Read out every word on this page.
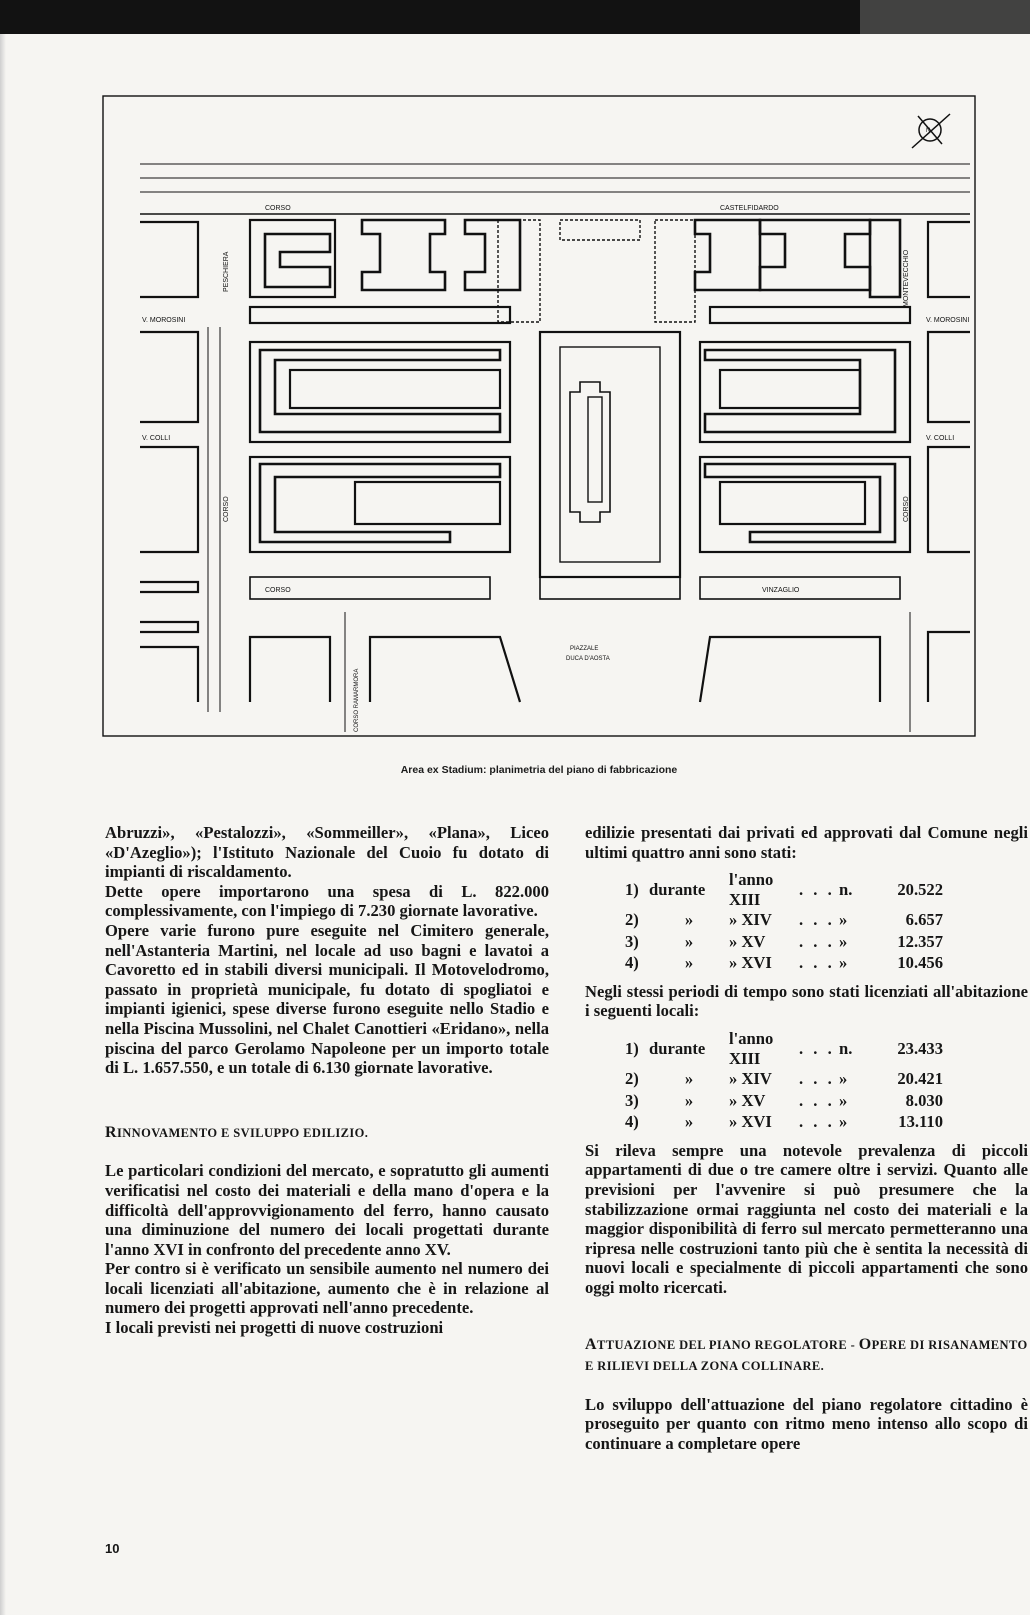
CORSO	CASTELFIDARDO
PESCHIERA	MONTEVECCHIO
V. MOROSINI	V. MOROSINI
V. COLLI	V. COLLI
CORSO	CORSO
CORSO	VINZAGLIO
CORSO RAMARMORA
PIAZZALE
DUCA D'AOSTA
N
Area ex Stadium: planimetria del piano di fabbricazione

Abruzzi», «Pestalozzi», «Sommeiller», «Plana», Liceo «D'Azeglio»); l'Istituto Nazionale del Cuoio fu dotato di impianti di riscaldamento.

Dette opere importarono una spesa di L. 822.000 complessivamente, con l'impiego di 7.230 giornate lavorative.

Opere varie furono pure eseguite nel Cimitero generale, nell'Astanteria Martini, nel locale ad uso bagni e lavatoi a Cavoretto ed in stabili diversi municipali. Il Motovelodromo, passato in proprietà municipale, fu dotato di spogliatoi e impianti igienici, spese diverse furono eseguite nello Stadio e nella Piscina Mussolini, nel Chalet Canottieri «Eridano», nella piscina del parco Gerolamo Napoleone per un importo totale di L. 1.657.550, e un totale di 6.130 giornate lavorative.

RINNOVAMENTO E SVILUPPO EDILIZIO.

Le particolari condizioni del mercato, e sopratutto gli aumenti verificatisi nel costo dei materiali e della mano d'opera e la difficoltà dell'approvvigionamento del ferro, hanno causato una diminuzione del numero dei locali progettati durante l'anno XVI in confronto del precedente anno XV.

Per contro si è verificato un sensibile aumento nel numero dei locali licenziati all'abitazione, aumento che è in relazione al numero dei progetti approvati nell'anno precedente.

I locali previsti nei progetti di nuove costruzioni

edilizie presentati dai privati ed approvati dal Comune negli ultimi quattro anni sono stati:

1)	durante	l'anno XIII	. . .	n.	20.522
2)	»	» XIV	. . .	»	6.657
3)	»	» XV	. . .	»	12.357
4)	»	» XVI	. . .	»	10.456

Negli stessi periodi di tempo sono stati licenziati all'abitazione i seguenti locali:

1)	durante	l'anno XIII	. . .	n.	23.433
2)	»	» XIV	. . .	»	20.421
3)	»	» XV	. . .	»	8.030
4)	»	» XVI	. . .	»	13.110

Si rileva sempre una notevole prevalenza di piccoli appartamenti di due o tre camere oltre i servizi. Quanto alle previsioni per l'avvenire si può presumere che la stabilizzazione ormai raggiunta nel costo dei materiali e la maggior disponibilità di ferro sul mercato permetteranno una ripresa nelle costruzioni tanto più che è sentita la necessità di nuovi locali e specialmente di piccoli appartamenti che sono oggi molto ricercati.

ATTUAZIONE DEL PIANO REGOLATORE - OPERE DI RISANAMENTO E RILIEVI DELLA ZONA COLLINARE.

Lo sviluppo dell'attuazione del piano regolatore cittadino è proseguito per quanto con ritmo meno intenso allo scopo di continuare a completare opere

10
